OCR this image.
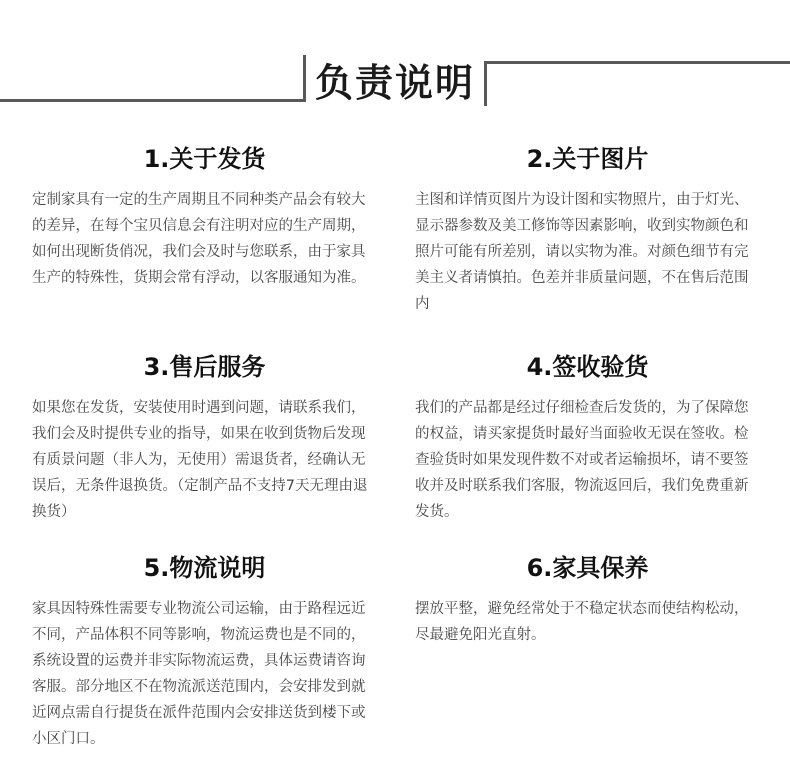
负责说明
1.关于发货
定制家具有一定的生产周期且不同种类产品会有较大的差异，在每个宝贝信息会有注明对应的生产周期，如何出现断货俏况，我们会及时与您联系，由于家具生产的特殊性，货期会常有浮动，以客服通知为准。
2.关于图片
主图和详情页图片为设计图和实物照片，由于灯光、显示器参数及美工修饰等因素影响，收到实物颜色和照片可能有所差别，请以实物为准。对颜色细节有完美主义者请慎拍。色差并非质量问题，不在售后范围内
3.售后服务
如果您在发货，安装使用时遇到问题，请联系我们，我们会及时提供专业的指导，如果在收到货物后发现有质景问题（非人为，无使用）需退货者，经确认无误后，无条件退换货。（定制产品不支持7天无理由退换货）
4.签收验货
我们的产品都是经过仔细检查后发货的，为了保障您的权益，请买家提货时最好当面验收无误在签收。检查验货时如果发现件数不对或者运输损坏，请不要签收并及时联系我们客服，物流返回后，我们免费重新发货。
5.物流说明
家具因特殊性需要专业物流公司运输，由于路程远近不同，产品体积不同等影响，物流运费也是不同的，系统设置的运费并非实际物流运费，具体运费请咨询客服。部分地区不在物流派送范围内，会安排发到就近网点需自行提货在派件范围内会安排送货到楼下或小区门口。
6.家具保养
摆放平整，避免经常处于不稳定状态而使结构松动，尽最避免阳光直射。
